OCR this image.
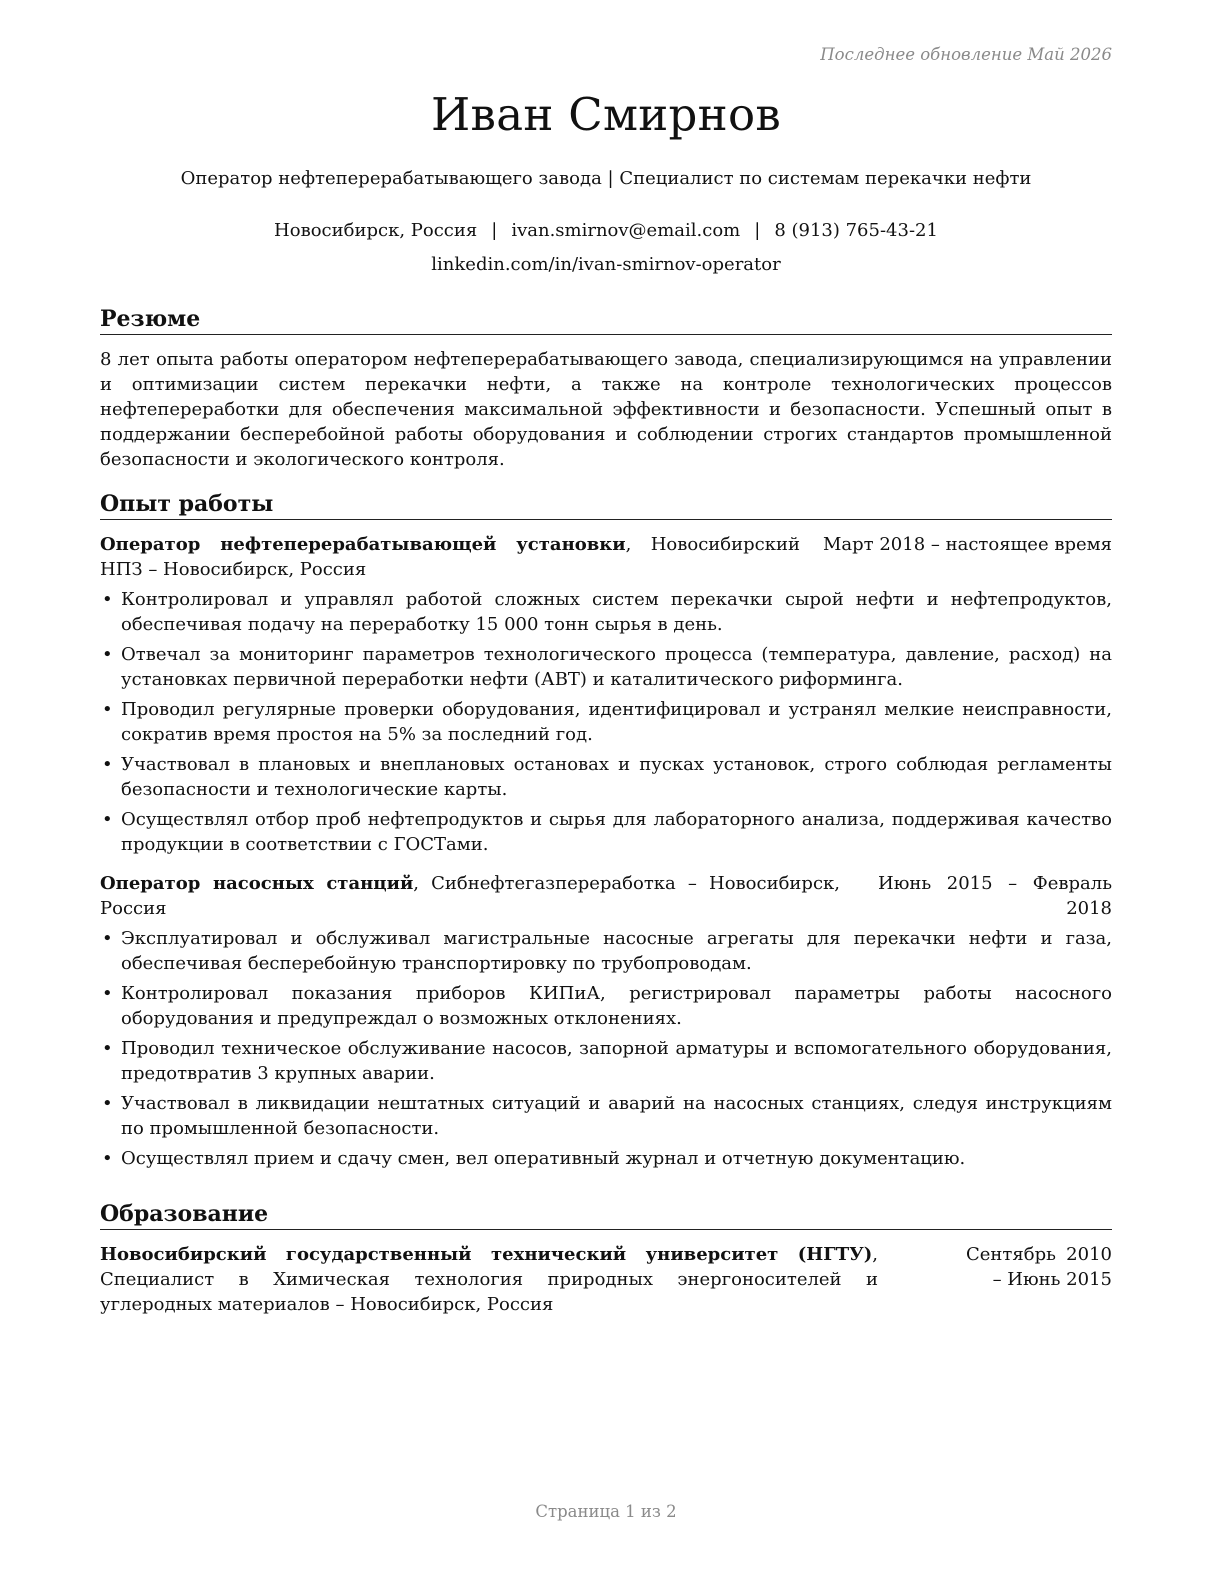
Последнее обновление Май 2026
Иван Смирнов
Оператор нефтеперерабатывающего завода | Специалист по системам перекачки нефти
Новосибирск, Россия | ivan.smirnov@email.com | 8 (913) 765-43-21
linkedin.com/in/ivan-smirnov-operator
Резюме

8 лет опыта работы оператором нефтеперерабатывающего завода, специализирующимся на управлении и оптимизации систем перекачки нефти, а также на контроле технологических процессов нефтепереработки для обеспечения максимальной эффективности и безопасности. Успешный опыт в поддержании бесперебойной работы оборудования и соблюдении строгих стандартов промышленной безопасности и экологического контроля.

Опыт работы
Оператор нефтеперерабатывающей установки, Новосибирский НПЗ – Новосибирск, Россия
Март 2018 – настоящее время
• Контролировал и управлял работой сложных систем перекачки сырой нефти и нефтепродуктов, обеспечивая подачу на переработку 15 000 тонн сырья в день.
• Отвечал за мониторинг параметров технологического процесса (температура, давление, расход) на установках первичной переработки нефти (АВТ) и каталитического риформинга.
• Проводил регулярные проверки оборудования, идентифицировал и устранял мелкие неисправности, сократив время простоя на 5% за последний год.
• Участвовал в плановых и внеплановых остановах и пусках установок, строго соблюдая регламенты безопасности и технологические карты.
• Осуществлял отбор проб нефтепродуктов и сырья для лабораторного анализа, поддерживая качество продукции в соответствии с ГОСТами.
Оператор насосных станций, Сибнефтегазпереработка – Новосибирск, Россия
Июнь 2015 – Февраль 2018
• Эксплуатировал и обслуживал магистральные насосные агрегаты для перекачки нефти и газа, обеспечивая бесперебойную транспортировку по трубопроводам.
• Контролировал показания приборов КИПиА, регистрировал параметры работы насосного оборудования и предупреждал о возможных отклонениях.
• Проводил техническое обслуживание насосов, запорной арматуры и вспомогательного оборудования, предотвратив 3 крупных аварии.
• Участвовал в ликвидации нештатных ситуаций и аварий на насосных станциях, следуя инструкциям по промышленной безопасности.
• Осуществлял прием и сдачу смен, вел оперативный журнал и отчетную документацию.
Образование
Новосибирский государственный технический университет (НГТУ), Специалист в Химическая технология природных энергоносителей и углеродных материалов – Новосибирск, Россия
Сентябрь 2010 – Июнь 2015
Страница 1 из 2
